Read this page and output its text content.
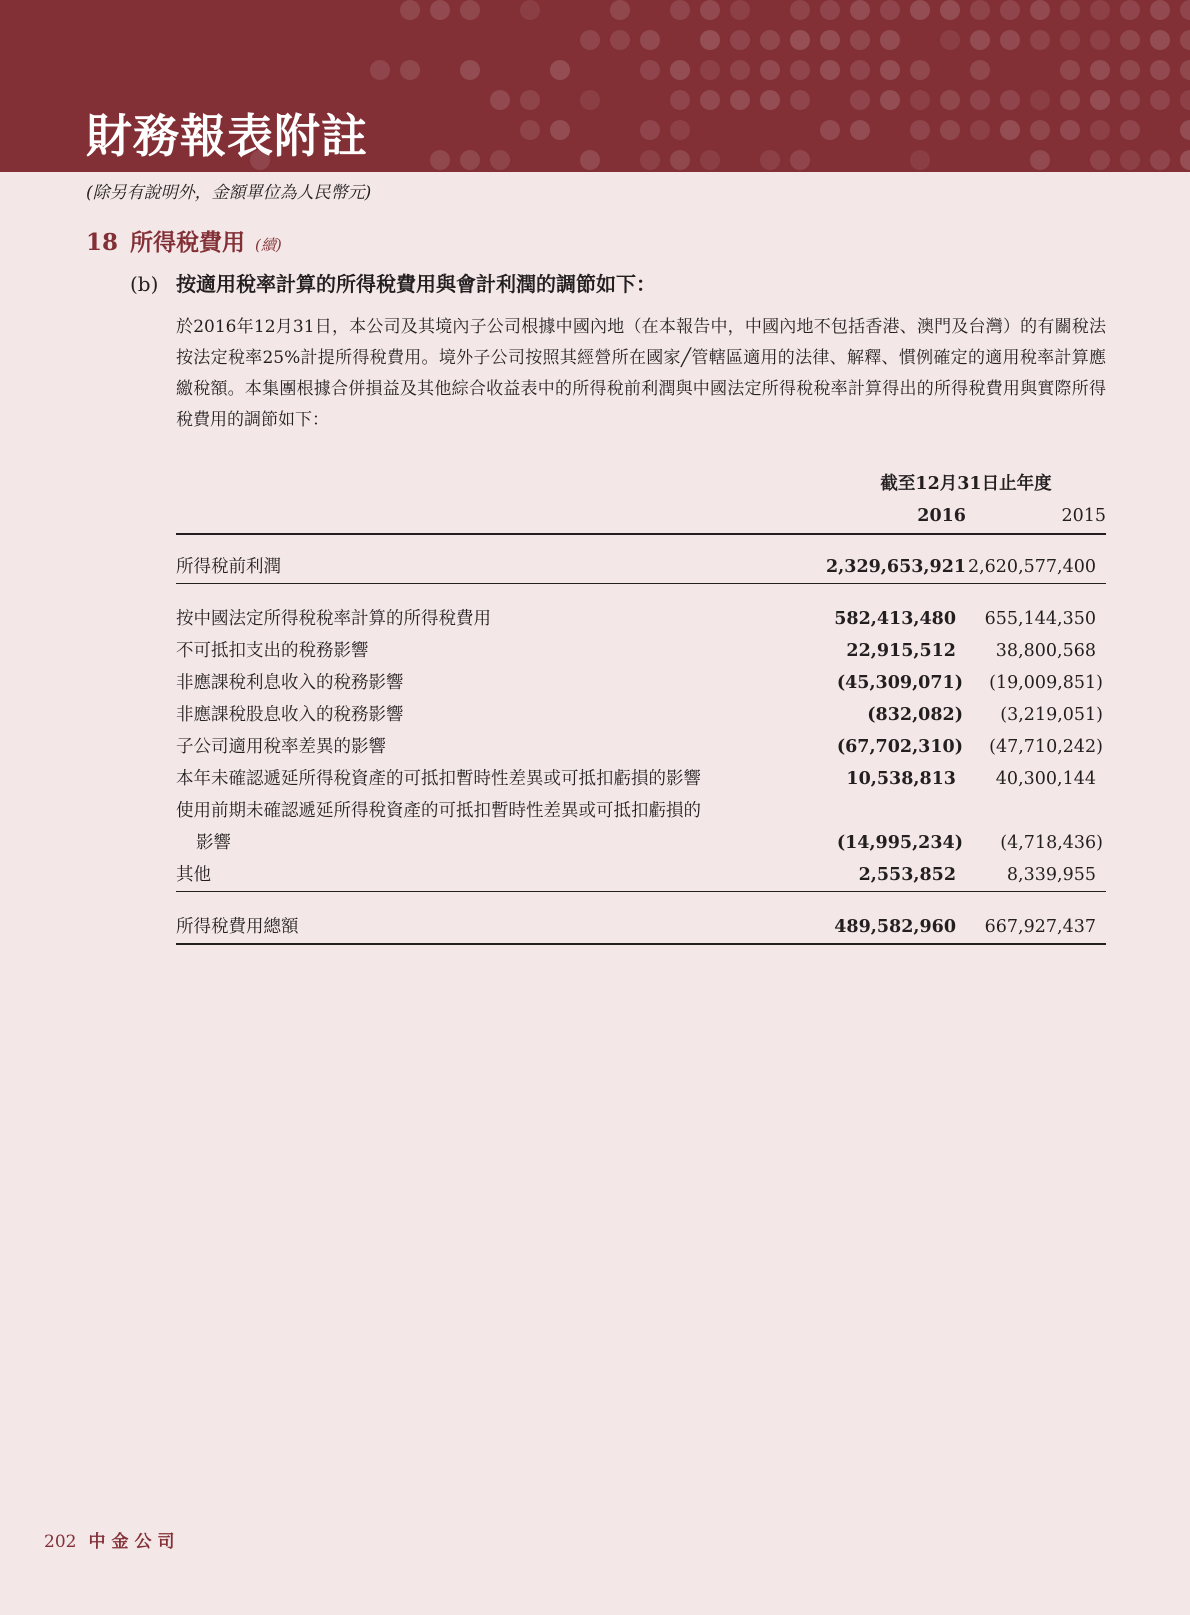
財務報表附註
(除另有說明外，金額單位為人民幣元)
18 所得稅費用 (續)
(b) 按適用稅率計算的所得稅費用與會計利潤的調節如下：
於2016年12月31日，本公司及其境內子公司根據中國內地（在本報告中，中國內地不包括香港、澳門及台灣）的有關稅法按法定稅率25%計提所得稅費用。境外子公司按照其經營所在國家╱管轄區適用的法律、解釋、慣例確定的適用稅率計算應繳稅額。本集團根據合併損益及其他綜合收益表中的所得稅前利潤與中國法定所得稅稅率計算得出的所得稅費用與實際所得稅費用的調節如下：
截至12月31日止年度
2016	2015
所得稅前利潤	2,329,653,921 2,620,577,400
按中國法定所得稅稅率計算的所得稅費用	582,413,480	655,144,350
不可抵扣支出的稅務影響	22,915,512	38,800,568
非應課稅利息收入的稅務影響	(45,309,071)	(19,009,851)
非應課稅股息收入的稅務影響	(832,082)	(3,219,051)
子公司適用稅率差異的影響	(67,702,310)	(47,710,242)
本年未確認遞延所得稅資產的可抵扣暫時性差異或可抵扣虧損的影響	10,538,813	40,300,144
使用前期未確認遞延所得稅資產的可抵扣暫時性差異或可抵扣虧損的
影響	(14,995,234)	(4,718,436)
其他	2,553,852	8,339,955
所得稅費用總額	489,582,960	667,927,437
202 中金公司
